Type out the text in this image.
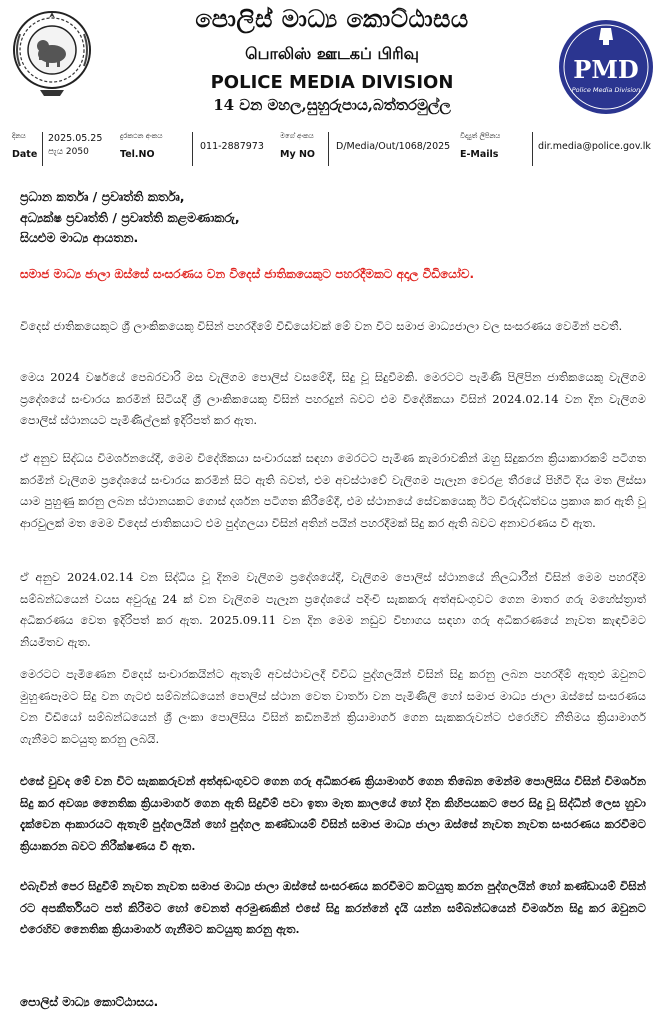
පොලිස් මාධ්‍ය කොට්ඨාසය
பொலிஸ் ஊடகப் பிரிவு
POLICE MEDIA DIVISION
14 වන මහල,සුහුරුපාය,බත්තරමුල්ල
PMD
Police Media Division
දිනය
Date
2025.05.25
පැය 2050
දුරකථන අංකය
Tel.NO
011-2887973
මගේ අංකය
My NO
D/Media/Out/1068/2025
විද්‍යුත් ලිපිනය
E-Mails
dir.media@police.gov.lk
ප්‍රධාන කර්තෘ / ප්‍රවෘත්ති කර්තෘ,
අධ්‍යක්ෂ ප්‍රවෘත්ති / ප්‍රවෘත්ති කළමණාකරු,
සියළුම මාධ්‍ය ආයතන.
සමාජ මාධ්‍ය ජාලා ඔස්සේ සංසරණය වන විදෙස් ජාතිකයෙකුට පහරදීමකට අදාල වීඩියෝව.
විදෙස් ජාතිකයෙකුට ශ්‍රී ලාංකිකයෙකු විසින් පහරදීමේ වීඩියෝවක් මේ වන විට සමාජ මාධ්‍යජාලා වල සංසරණය වෙමින් පවතී.
මෙය 2024 වර්ෂයේ පෙබරවාරි මස වැලිගම පොලිස් වසමේදී, සිදු වූ සිදුවීමකි. මෙරටට පැමිණි පිලිපින ජාතිකයෙකු වැලිගම ප්‍රදේශයේ සංචාරය කරමින් සිටියදී ශ්‍රී ලාංකිකයෙකු විසින් පහරදුන් බවට එම විදේශිකයා විසින් 2024.02.14 වන දින වැලිගම පොලිස් ස්ථානයට පැමිණිල්ලක් ඉදිරිපත් කර ඇත.
ඒ අනුව සිද්ධය විමර්ශනයේදී, මෙම විදේශිකයා සංචාරයක් සඳහා මෙරටට පැමිණ කැමරාවකින් ඔහු සිදුකරන ක්‍රියාකාරකම් පටිගත කරමින් වැලිගම ප්‍රදේශයේ සංචාරය කරමින් සිට ඇති බවත්, එම අවස්ථාවේ වැලිගම පැලෑන වෙරළ තීරයේ පිහිටි දිය මත ලිස්සා යාම පුහුණු කරනු ලබන ස්ථානයකට ගොස් දර්ශන පටිගත කිරීමේදී, එම ස්ථානයේ සේවකයෙකු ඊට විරුද්ධත්වය ප්‍රකාශ කර ඇති වූ ආරවුලක් මත මෙම විදෙස් ජාතිකයාට එම පුද්ගලයා විසින් අතින් පයින් පහරදීමක් සිදු කර ඇති බවට අනාවරණය වී ඇත.
ඒ අනුව 2024.02.14 වන සිද්ධිය වූ දිනම වැලිගම ප්‍රදේශයේදී, වැලිගම පොලිස් ස්ථානයේ නිලධාරීන් විසින් මෙම පහරදීම සම්බන්ධයෙන් වයස අවුරුදු 24 ක් වන වැලිගම පැලෑන ප්‍රදේශයේ පදිංචි සැකකරු අත්අඩංගුවට ගෙන මාතර ගරු මහේස්ත්‍රාත් අධිකරණය වෙත ඉදිරිපත් කර ඇත. 2025.09.11 වන දින මෙම නඩුව විභාගය සඳහා ගරු අධිකරණයේ නැවත කැඳවීමට නියමිතව ඇත.
මෙරටට පැමිණෙන විදෙස් සංචාරකයින්ට ඇතැම් අවස්ථාවලදී විවිධ පුද්ගලයින් විසින් සිදු කරනු ලබන පහරදීම් ඇතුළු ඔවුනට මුහුණපෑමට සිදු වන ගැටළු සම්බන්ධයෙන් පොලිස් ස්ථාන වෙත වාර්තා වන පැමිණිලි හෝ සමාජ මාධ්‍ය ජාලා ඔස්සේ සංසරණය වන වීඩියෝ සම්බන්ධයෙන් ශ්‍රී ලංකා පොලිසිය විසින් කඩිනමින් ක්‍රියාමාර්ග ගෙන සැකකරුවන්ට එරෙහිව නීතිමය ක්‍රියාමාර්ග ගැනීමට කටයුතු කරනු ලබයි.
එසේ වුවද මේ වන විට සැකකරුවන් අත්අඩංගුවට ගෙන ගරු අධිකරණ ක්‍රියාමාර්ග ගෙන තිබෙන මෙන්ම පොලිසිය විසින් විමර්ශන සිදු කර අවශ්‍ය නෛතික ක්‍රියාමාර්ග ගෙන ඇති සිදුවීම් පවා ඉතා මෑත කාලයේ හෝ දින කිහිපයකට පෙර සිදු වූ සිද්ධීන් ලෙස හුවා දැක්වෙන ආකාරයට ඇතැම් පුද්ගලයින් හෝ පුද්ගල කණ්ඩායම් විසින් සමාජ මාධ්‍ය ජාලා ඔස්සේ නැවත නැවත සංසරණය කරවීමට ක්‍රියාකරන බවට නිරීක්ෂණය වී ඇත.
එබැවින් පෙර සිදුවීම් නැවත නැවත සමාජ මාධ්‍ය ජාලා ඔස්සේ සංසරණය කරවීමට කටයුතු කරන පුද්ගලයින් හෝ කණ්ඩායම් විසින් රට අපකීර්තියට පත් කිරීමට හෝ වෙනත් අරමුණකින් එසේ සිදු කරන්නේ දැයි යන්න සම්බන්ධයෙන් විමර්ශන සිදු කර ඔවුනට එරෙහිව නෛතික ක්‍රියාමාර්ග ගැනීමට කටයුතු කරනු ඇත.
පොලිස් මාධ්‍ය කොට්ඨාසය.
